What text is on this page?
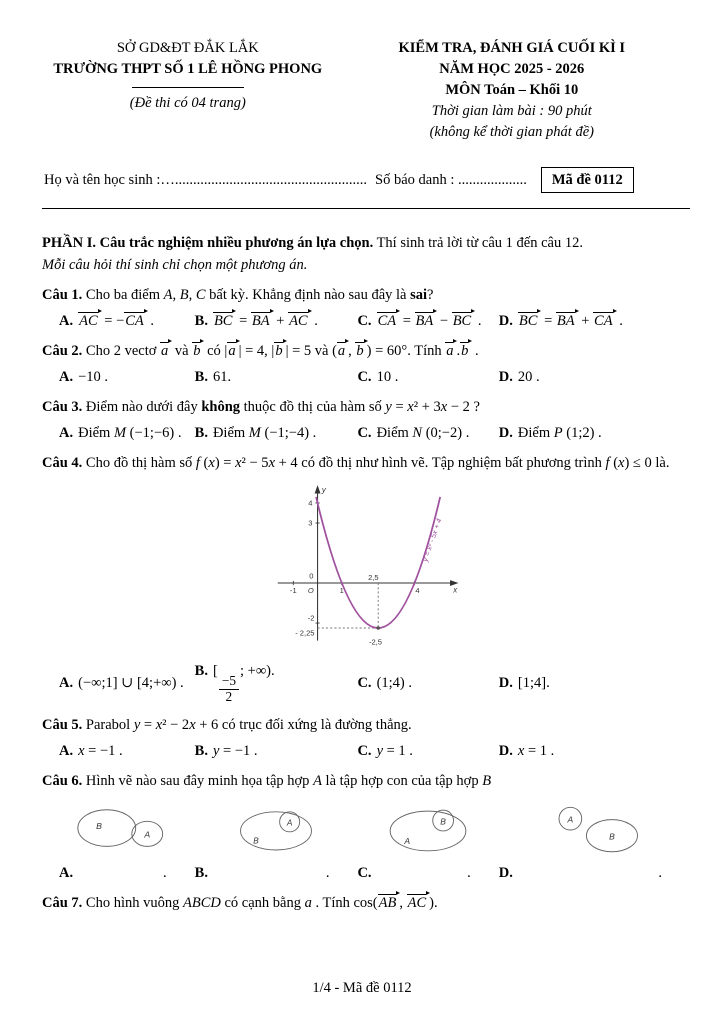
SỞ GD&ĐT ĐẮK LẮK
TRƯỜNG THPT SỐ 1 LÊ HỒNG PHONG
(Đề thi có 04 trang)
KIỂM TRA, ĐÁNH GIÁ CUỐI KÌ I
NĂM HỌC 2025 - 2026
MÔN Toán – Khối 10
Thời gian làm bài : 90 phút
(không kể thời gian phát đề)
Họ và tên học sinh :…..................................................... Số báo danh : ...................	Mã đề 0112

PHẦN I. Câu trắc nghiệm nhiều phương án lựa chọn. Thí sinh trả lời từ câu 1 đến câu 12.

Mỗi câu hỏi thí sinh chỉ chọn một phương án.

Câu 1. Cho ba điểm A, B, C bất kỳ. Khẳng định nào sau đây là sai?

A. AC = −CA .	B. BC = BA + AC .	C. CA = BA − BC .	D. BC = BA + CA .

Câu 2. Cho 2 vectơ a và b có |a | = 4, |b | = 5 và (a , b ) = 60°. Tính a .b .

A. −10 .	B. 61.	C. 10 .	D. 20 .

Câu 3. Điểm nào dưới đây không thuộc đồ thị của hàm số y = x² + 3x − 2 ?

A. Điểm M (−1;−6) . B. Điểm M (−1;−4) .	C. Điểm N (0;−2) .	D. Điểm P (1;2) .

Câu 4. Cho đồ thị hàm số f (x) = x² − 5x + 4 có đồ thị như hình vẽ. Tập nghiệm bất phương trình f (x) ≤ 0 là.

4
3
0
-1 O	1	4
2,5
-2
- 2,25
-2,5
x
y
y = x² - 5x + 4
A. (−∞;1] ∪ [4;+∞) .
B. [
$\frac{-5}{2}$
; +∞).
C. (1;4) .	D. [1;4].

Câu 5. Parabol y = x² − 2x + 6 có trục đối xứng là đường thẳng.

A. x = −1 .	B. y = −1 .	C. y = 1 .	D. x = 1 .

Câu 6. Hình vẽ nào sau đây minh họa tập hợp A là tập hợp con của tập hợp B

B
A
B
A
A
B	A
B
A.	. B.	. C.	. D.	.

Câu 7. Cho hình vuông ABCD có cạnh bằng a . Tính cos(AB , AC ).

1/4 - Mã đề 0112
